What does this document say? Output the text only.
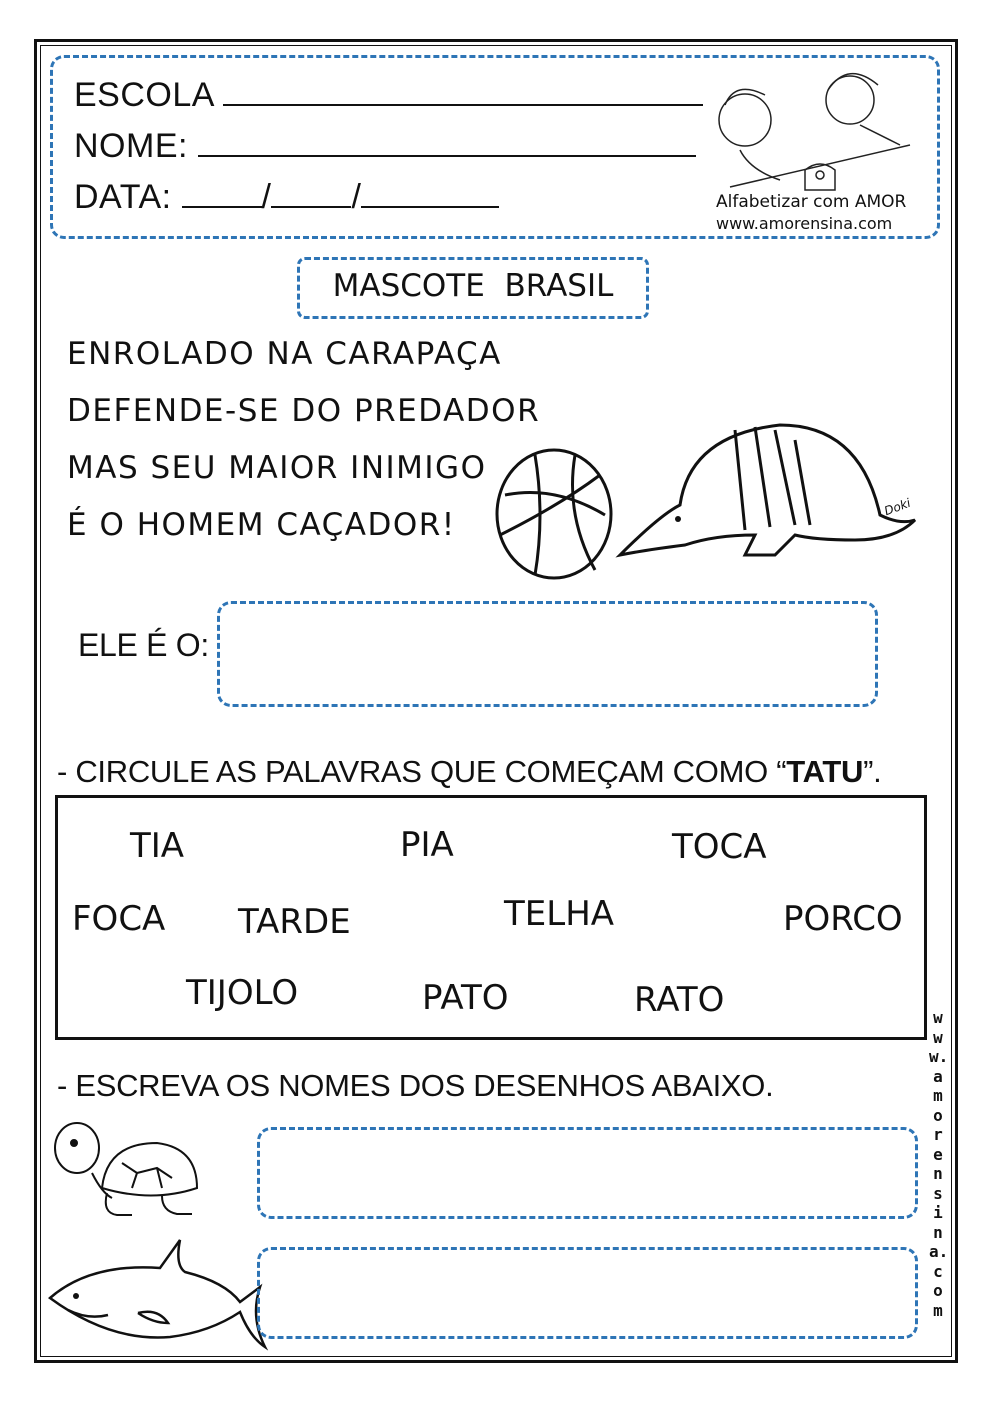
ESCOLA
NOME:
DATA:	/ /	Alfabetizar com AMOR
www.amorensina.com
MASCOTE  BRASIL
ENROLADO NA CARAPAÇA
DEFENDE-SE DO PREDADOR
MAS SEU MAIOR INIMIGO
É O HOMEM CAÇADOR!	Doki
ELE É O:
- CIRCULE AS PALAVRAS QUE COMEÇAM COMO “TATU”.
TIA	PIA	TOCA
FOCA TARDE	TELHA	PORCO
TIJOLO	PATO	RATO
- ESCREVA OS NOMES DOS DESENHOS ABAIXO.
www.amorensina.com
